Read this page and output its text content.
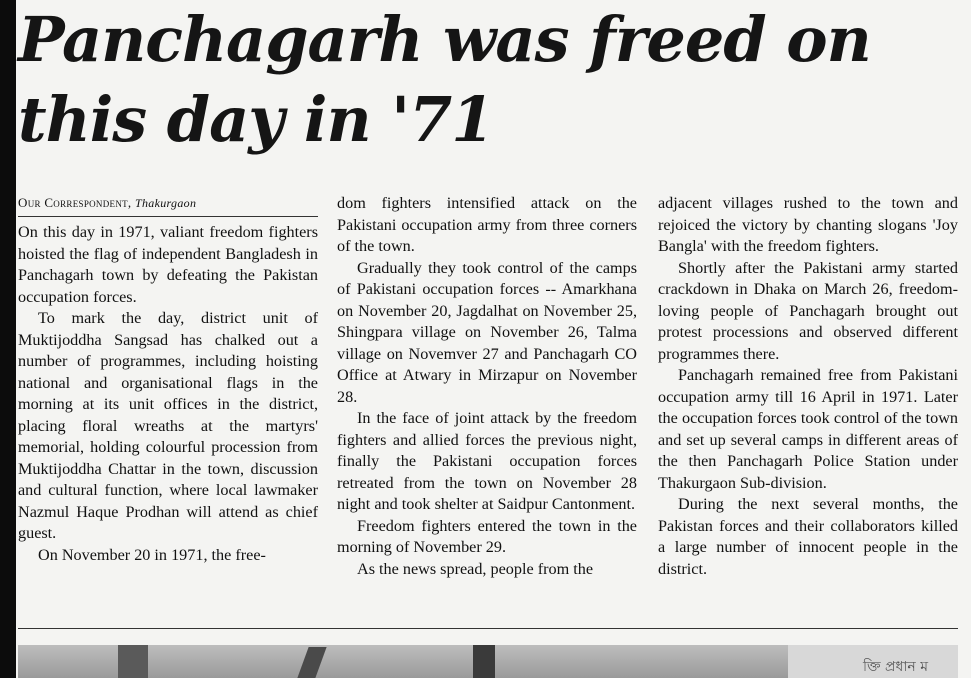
Panchagarh was freed on
this day in '71
Our Correspondent, Thakurgaon

On this day in 1971, valiant freedom fighters hoisted the flag of independent Bangladesh in Panchagarh town by defeating the Pakistan occupation forces.

To mark the day, district unit of Muktijoddha Sangsad has chalked out a number of programmes, including hoisting national and organisational flags in the morning at its unit offices in the district, placing floral wreaths at the martyrs' memorial, holding colourful procession from Muktijoddha Chattar in the town, discussion and cultural function, where local lawmaker Nazmul Haque Prodhan will attend as chief guest.

On November 20 in 1971, the free-

dom fighters intensified attack on the Pakistani occupation army from three corners of the town.

Gradually they took control of the camps of Pakistani occupation forces -- Amarkhana on November 20, Jagdalhat on November 25, Shingpara village on November 26, Talma village on Novemver 27 and Panchagarh CO Office at Atwary in Mirzapur on November 28.

In the face of joint attack by the freedom fighters and allied forces the previous night, finally the Pakistani occupation forces retreated from the town on November 28 night and took shelter at Saidpur Cantonment.

Freedom fighters entered the town in the morning of November 29.

As the news spread, people from the

adjacent villages rushed to the town and rejoiced the victory by chanting slogans 'Joy Bangla' with the freedom fighters.

Shortly after the Pakistani army started crackdown in Dhaka on March 26, freedom-loving people of Panchagarh brought out protest processions and observed different programmes there.

Panchagarh remained free from Pakistani occupation army till 16 April in 1971. Later the occupation forces took control of the town and set up several camps in different areas of the then Panchagarh Police Station under Thakurgaon Sub-division.

During the next several months, the Pakistan forces and their collaborators killed a large number of innocent people in the district.

ক্তি প্রধান ম
